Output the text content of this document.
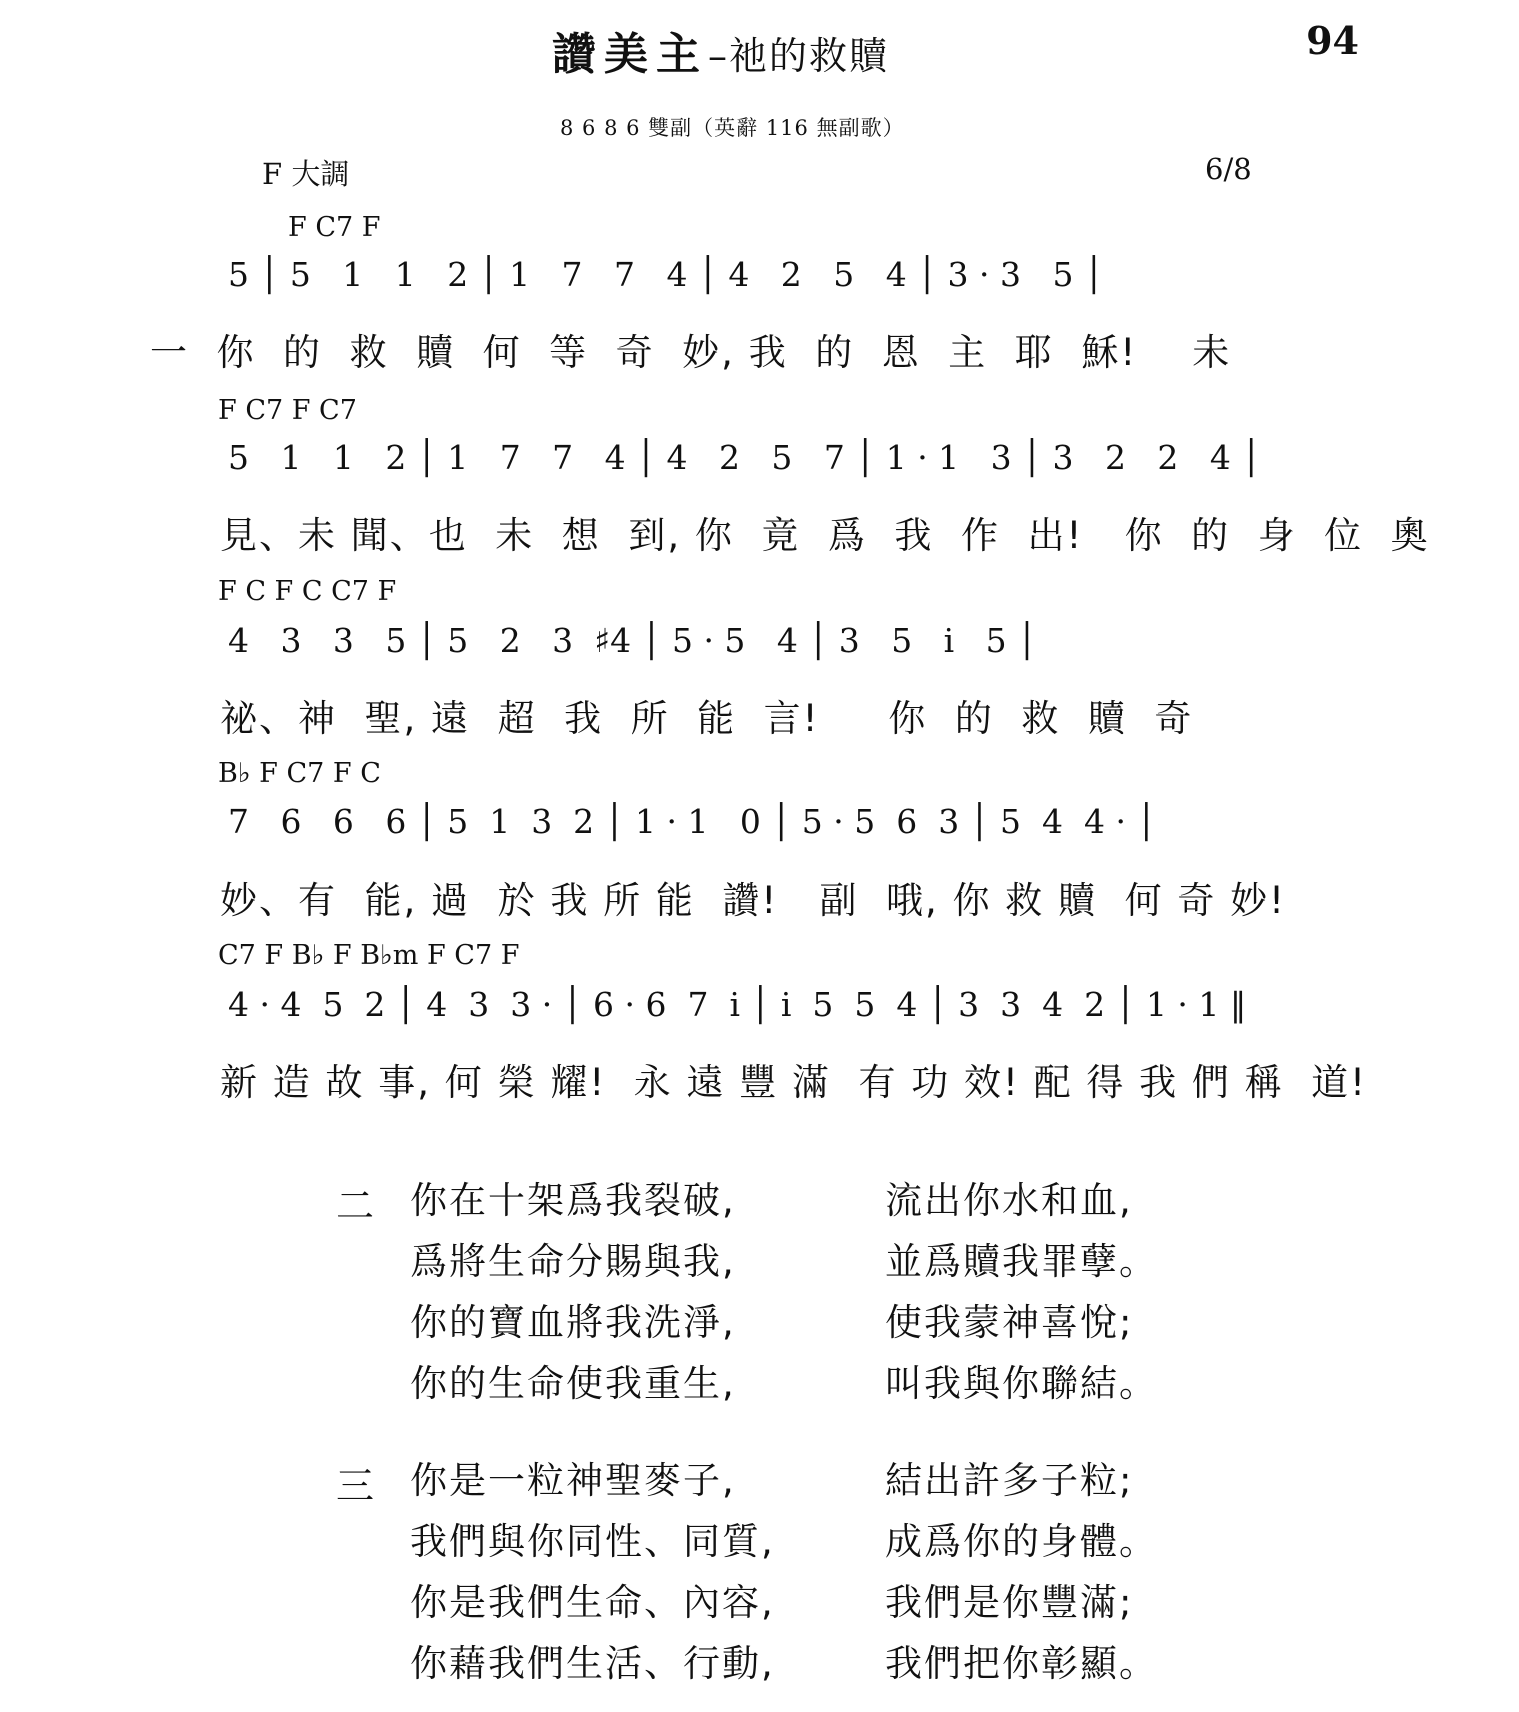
讚美主–祂的救贖	94
8 6 8 6 雙副（英辭 116 無副歌）
F 大調	6/8
F C7 F
5 │ 5   1   1   2 │ 1   7   7   4 │ 4   2   5   4 │ 3 · 3   5 │
一  你  的  救  贖  何  等  奇  妙, 我  的  恩  主  耶  穌!    未
F C7 F C7
5   1   1   2 │ 1   7   7   4 │ 4   2   5   7 │ 1 · 1   3 │ 3   2   2   4 │
見、未 聞、也  未  想  到, 你  竟  爲  我  作  出!   你  的  身  位  奧
F C F C C7 F
4   3   3   5 │ 5   2   3  ♯4 │ 5 · 5   4 │ 3   5   i   5 │
祕、神  聖, 遠  超  我  所  能  言!     你  的  救  贖  奇
B♭ F C7 F C
7   6   6   6 │ 5  1  3  2 │ 1 · 1   0 │ 5 · 5  6  3 │ 5  4  4 · │
妙、有  能, 過  於 我 所 能  讚!   副  哦, 你 救 贖  何 奇 妙!
C7 F B♭ F B♭m F C7 F
4 · 4  5  2 │ 4  3  3 · │ 6 · 6  7  i │ i  5  5  4 │ 3  3  4  2 │ 1 · 1 ‖
新 造 故 事, 何 榮 耀!  永 遠 豐 滿  有 功 效! 配 得 我 們 稱  道!
二 你在十架爲我裂破,
爲將生命分賜與我,
你的寶血將我洗淨,
你的生命使我重生,
流出你水和血,
並爲贖我罪孽。
使我蒙神喜悅;
叫我與你聯結。
三 你是一粒神聖麥子,
我們與你同性、同質,
你是我們生命、內容,
你藉我們生活、行動,
結出許多子粒;
成爲你的身體。
我們是你豐滿;
我們把你彰顯。
